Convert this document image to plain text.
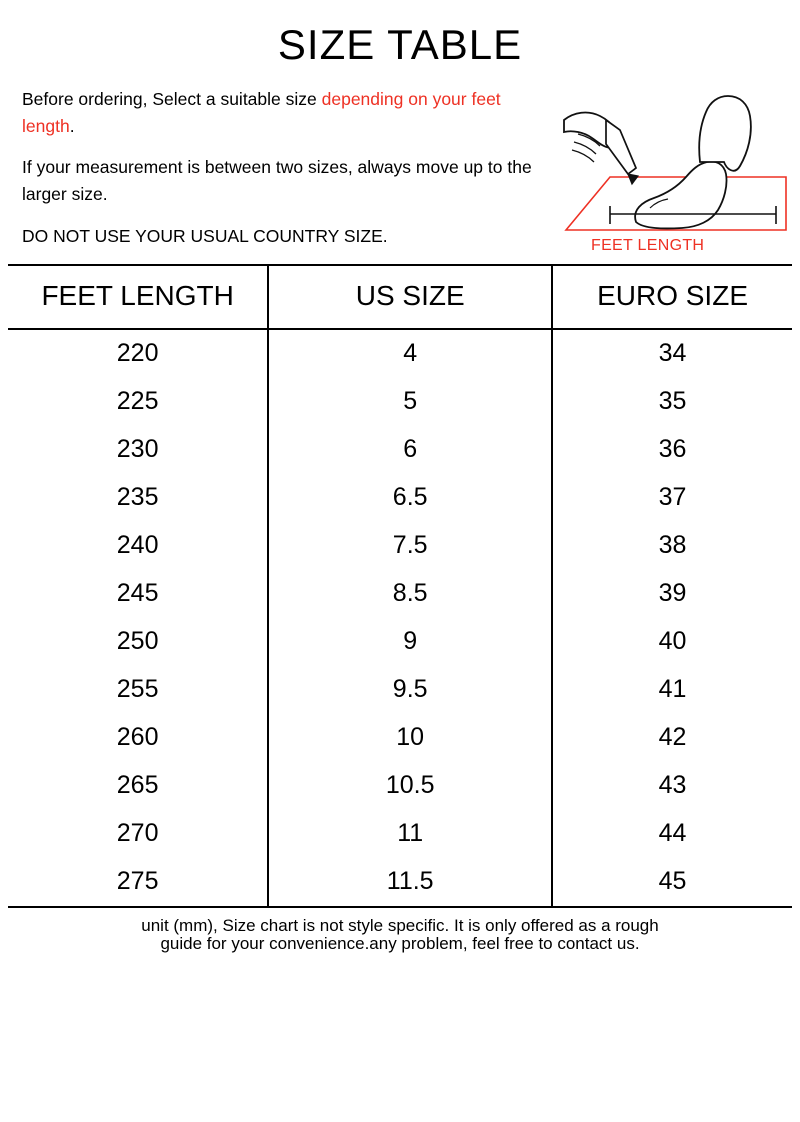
SIZE TABLE
Before ordering, Select a suitable size depending on your feet length.
If your measurement is between two sizes, always move up to the larger size.
DO NOT USE YOUR USUAL COUNTRY SIZE.	FEET LENGTH
FEET LENGTH	US SIZE	EURO SIZE
220	4	34
225	5	35
230	6	36
235	6.5	37
240	7.5	38
245	8.5	39
250	9	40
255	9.5	41
260	10	42
265	10.5	43
270	11	44
275	11.5	45
unit (mm), Size chart is not style specific. It is only offered as a rough
guide for your convenience.any problem, feel free to contact us.
